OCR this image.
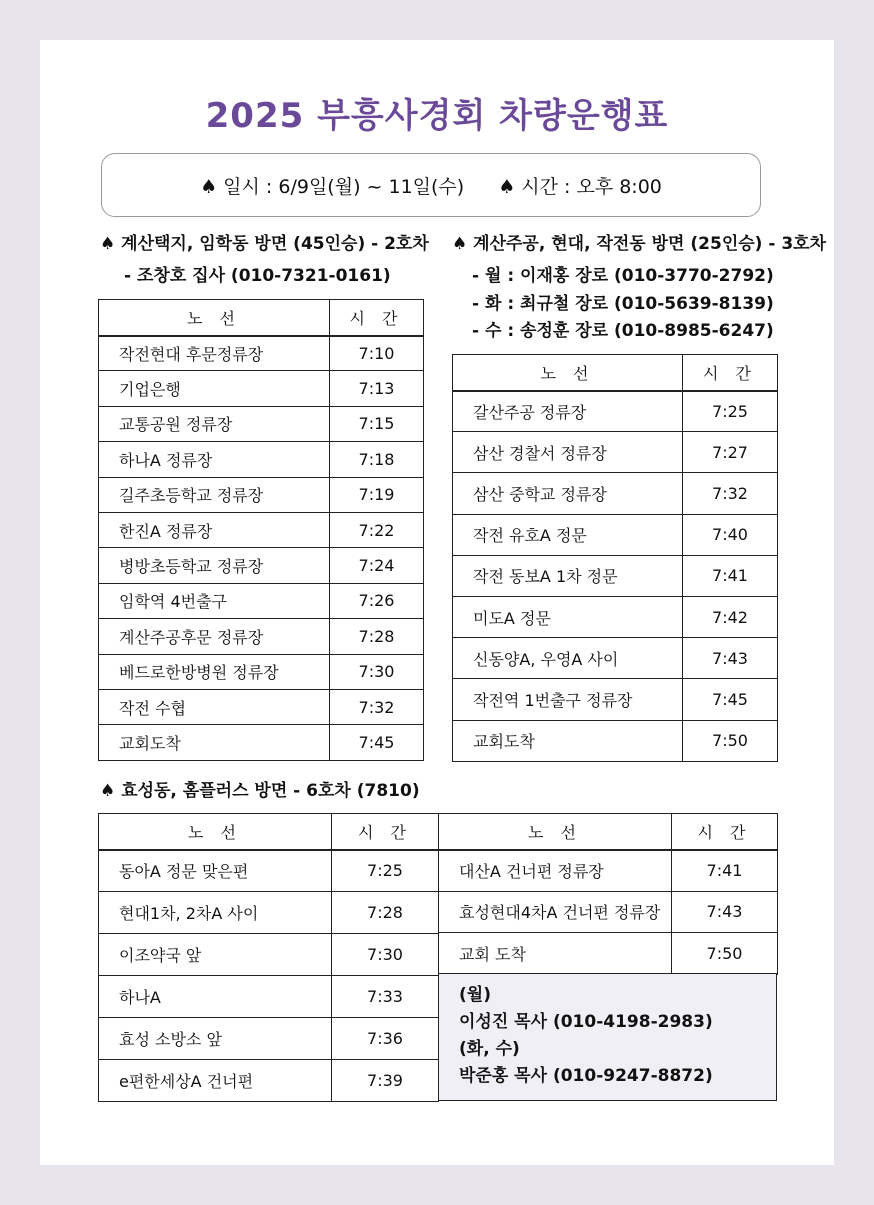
2025 부흥사경회 차량운행표
♠ 일시 : 6/9일(월) ~ 11일(수) ♠ 시간 : 오후 8:00
♠ 계산택지, 임학동 방면 (45인승) - 2호차
- 조창호 집사 (010-7321-0161)
노 선	시 간
작전현대 후문정류장	7:10
기업은행	7:13
교통공원 정류장	7:15
하나A 정류장	7:18
길주초등학교 정류장	7:19
한진A 정류장	7:22
병방초등학교 정류장	7:24
임학역 4번출구	7:26
계산주공후문 정류장	7:28
베드로한방병원 정류장	7:30
작전 수협	7:32
교회도착	7:45
♠ 계산주공, 현대, 작전동 방면 (25인승) - 3호차
- 월 : 이재홍 장로 (010-3770-2792)
- 화 : 최규철 장로 (010-5639-8139)
- 수 : 송정훈 장로 (010-8985-6247)
노 선	시 간
갈산주공 정류장	7:25
삼산 경찰서 정류장	7:27
삼산 중학교 정류장	7:32
작전 유호A 정문	7:40
작전 동보A 1차 정문	7:41
미도A 정문	7:42
신동양A, 우영A 사이	7:43
작전역 1번출구 정류장	7:45
교회도착	7:50
♠ 효성동, 홈플러스 방면 - 6호차 (7810)
노 선	시 간
동아A 정문 맞은편	7:25
현대1차, 2차A 사이	7:28
이조약국 앞	7:30
하나A	7:33
효성 소방소 앞	7:36
e편한세상A 건너편	7:39
노 선	시 간
대산A 건너편 정류장	7:41
효성현대4차A 건너편 정류장	7:43
교회 도착	7:50
(월)
이성진 목사 (010-4198-2983)
(화, 수)
박준홍 목사 (010-9247-8872)
